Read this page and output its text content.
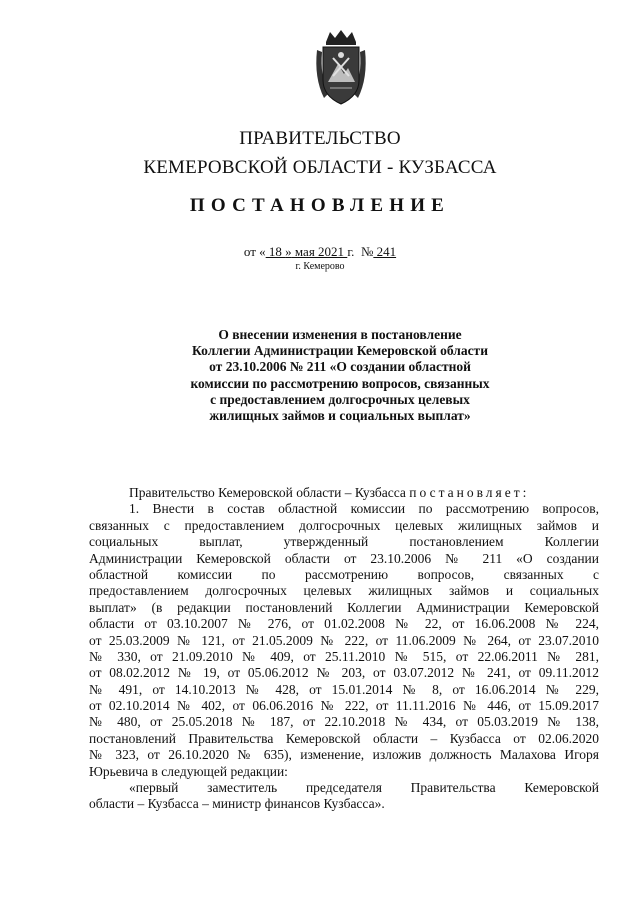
ПРАВИТЕЛЬСТВО
КЕМЕРОВСКОЙ ОБЛАСТИ - КУЗБАССА
ПОСТАНОВЛЕНИЕ
от « 18 » мая 2021 г. № 241
г. Кемерово
О внесении изменения в постановление
Коллегии Администрации Кемеровской области
от 23.10.2006 № 211 «О создании областной
комиссии по рассмотрению вопросов, связанных
с предоставлением долгосрочных целевых
жилищных займов и социальных выплат»
Правительство Кемеровской области – Кузбасса постановляет:
1. Внести в состав областной комиссии по рассмотрению вопросов,
связанных с предоставлением долгосрочных целевых жилищных займов и
социальных выплат, утвержденный постановлением Коллегии
Администрации Кемеровской области от 23.10.2006 № 211 «О создании
областной комиссии по рассмотрению вопросов, связанных с
предоставлением долгосрочных целевых жилищных займов и социальных
выплат» (в редакции постановлений Коллегии Администрации Кемеровской
области от 03.10.2007 № 276, от 01.02.2008 № 22, от 16.06.2008 № 224,
от 25.03.2009 № 121, от 21.05.2009 № 222, от 11.06.2009 № 264, от 23.07.2010
№ 330, от 21.09.2010 № 409, от 25.11.2010 № 515, от 22.06.2011 № 281,
от 08.02.2012 № 19, от 05.06.2012 № 203, от 03.07.2012 № 241, от 09.11.2012
№ 491, от 14.10.2013 № 428, от 15.01.2014 № 8, от 16.06.2014 № 229,
от 02.10.2014 № 402, от 06.06.2016 № 222, от 11.11.2016 № 446, от 15.09.2017
№ 480, от 25.05.2018 № 187, от 22.10.2018 № 434, от 05.03.2019 № 138,
постановлений Правительства Кемеровской области – Кузбасса от 02.06.2020
№ 323, от 26.10.2020 № 635), изменение, изложив должность Малахова Игоря
Юрьевича в следующей редакции:
«первый заместитель председателя Правительства Кемеровской
области – Кузбасса – министр финансов Кузбасса».
